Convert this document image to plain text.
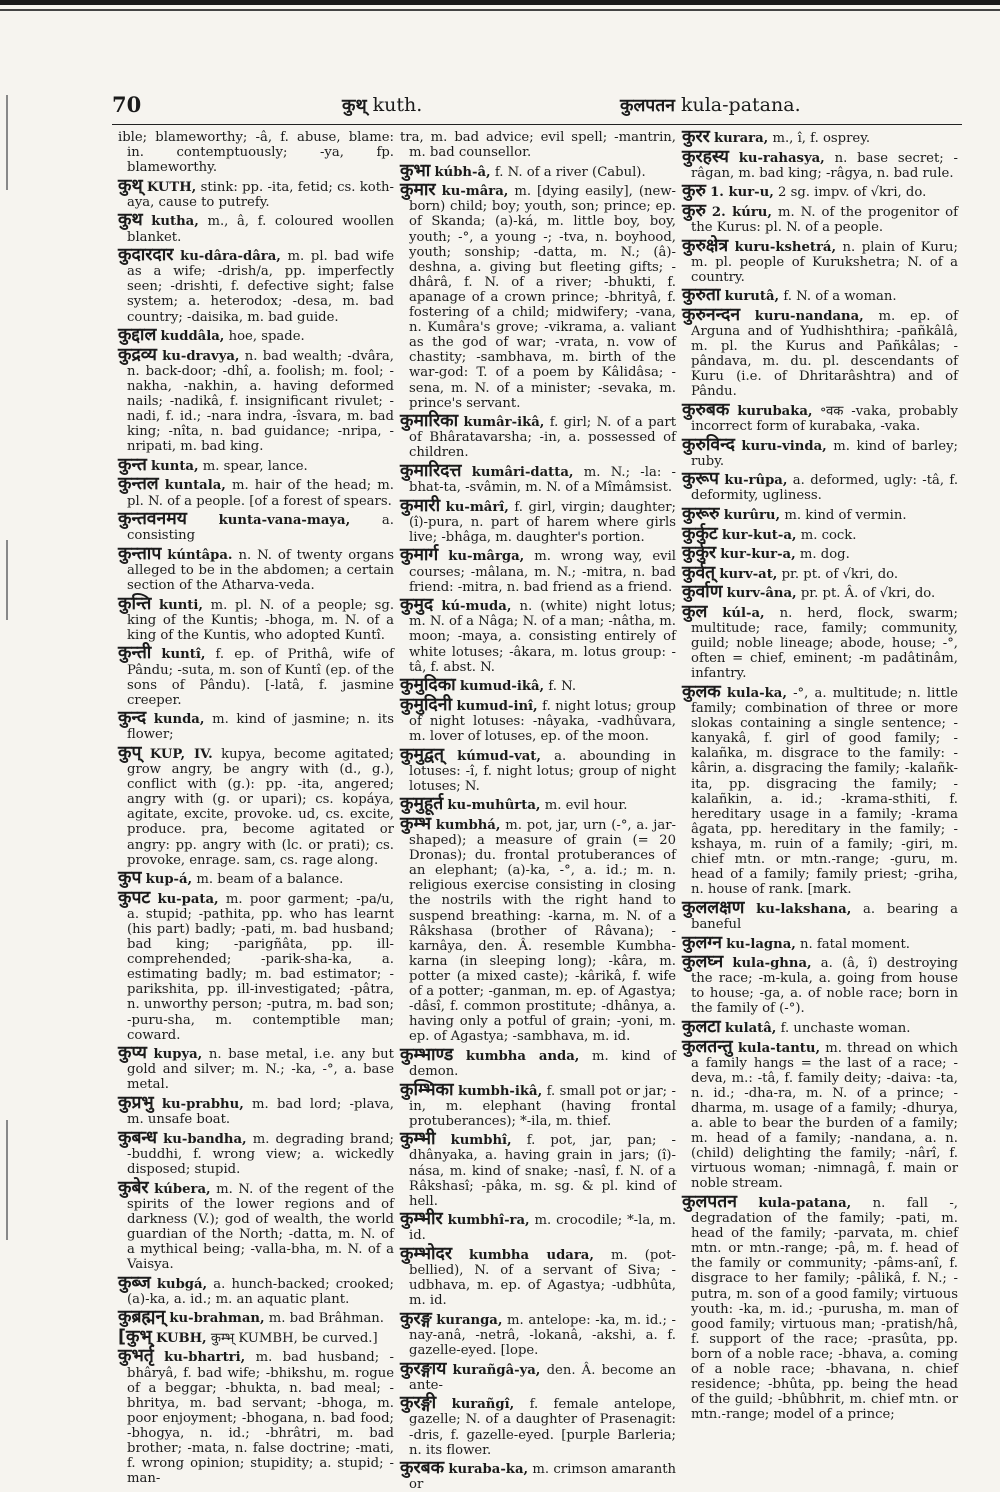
70	कुथ् kuth.	कुलपतन kula-patana.
ible; blameworthy; -â, f. abuse, blame: in. contemptuously; -ya, fp. blameworthy.
कुथ् KUTH, stink: pp. -ita, fetid; cs. koth-aya, cause to putrefy.
कुथ kutha, m., â, f. coloured woollen blanket.
कुदारदार ku-dâra-dâra, m. pl. bad wife as a wife; -drish/a, pp. imperfectly seen; -drishti, f. defective sight; false system; a. heterodox; -desa, m. bad country; -daisika, m. bad guide.
कुद्दाल kuddâla, hoe, spade.
कुद्रव्य ku-dravya, n. bad wealth; -dvâra, n. back-door; -dhî, a. foolish; m. fool; -nakha, -nakhin, a. having deformed nails; -nadikâ, f. insignificant rivulet; -nadi, f. id.; -nara indra, -îsvara, m. bad king; -nîta, n. bad guidance; -nripa, -nripati, m. bad king.
कुन्त kunta, m. spear, lance.
कुन्तल kuntala, m. hair of the head; m. pl. N. of a people. [of a forest of spears.
कुन्तवनमय kunta-vana-maya, a. consisting
कुन्ताप kúntâpa. n. N. of twenty organs alleged to be in the abdomen; a certain section of the Atharva-veda.
कुन्ति kunti, m. pl. N. of a people; sg. king of the Kuntis; -bhoga, m. N. of a king of the Kuntis, who adopted Kuntî.
कुन्ती kuntî, f. ep. of Prithâ, wife of Pându; -suta, m. son of Kuntî (ep. of the sons of Pându). [-latâ, f. jasmine creeper.
कुन्द kunda, m. kind of jasmine; n. its flower;
कुप् KUP, IV. kupya, become agitated; grow angry, be angry with (d., g.), conflict with (g.): pp. -ita, angered; angry with (g. or upari); cs. kopáya, agitate, excite, provoke. ud, cs. excite, produce. pra, become agitated or angry: pp. angry with (lc. or prati); cs. provoke, enrage. sam, cs. rage along.
कुप kup-á, m. beam of a balance.
कुपट ku-pata, m. poor garment; -pa/u, a. stupid; -pathita, pp. who has learnt (his part) badly; -pati, m. bad husband; bad king; -parigñâta, pp. ill-comprehended; -parik-sha-ka, a. estimating badly; m. bad estimator; -parikshita, pp. ill-investigated; -pâtra, n. unworthy person; -putra, m. bad son; -puru-sha, m. contemptible man; coward.
कुप्य kupya, n. base metal, i.e. any but gold and silver; m. N.; -ka, -°, a. base metal.
कुप्रभु ku-prabhu, m. bad lord; -plava, m. unsafe boat.
कुबन्ध ku-bandha, m. degrading brand; -buddhi, f. wrong view; a. wickedly disposed; stupid.
कुबेर kúbera, m. N. of the regent of the spirits of the lower regions and of darkness (V.); god of wealth, the world guardian of the North; -datta, m. N. of a mythical being; -valla-bha, m. N. of a Vaisya.
कुब्ज kubgá, a. hunch-backed; crooked; (a)-ka, a. id.; m. an aquatic plant.
कुब्रह्मन् ku-brahman, m. bad Brâhman.
[कुभ् KUBH, कुम्भ् KUMBH, be curved.]
कुभर्तृ ku-bhartri, m. bad husband; -bhâryâ, f. bad wife; -bhikshu, m. rogue of a beggar; -bhukta, n. bad meal; -bhritya, m. bad servant; -bhoga, m. poor enjoyment; -bhogana, n. bad food; -bhogya, n. id.; -bhrâtri, m. bad brother; -mata, n. false doctrine; -mati, f. wrong opinion; stupidity; a. stupid; -man-
tra, m. bad advice; evil spell; -mantrin, m. bad counsellor.
कुभा kúbh-â, f. N. of a river (Cabul).
कुमार ku-mâra, m. [dying easily], (new-born) child; boy; youth, son; prince; ep. of Skanda; (a)-ká, m. little boy, boy, youth; -°, a young -; -tva, n. boyhood, youth; sonship; -datta, m. N.; (â)-deshna, a. giving but fleeting gifts; -dhârâ, f. N. of a river; -bhukti, f. apanage of a crown prince; -bhrityâ, f. fostering of a child; midwifery; -vana, n. Kumâra's grove; -vikrama, a. valiant as the god of war; -vrata, n. vow of chastity; -sambhava, m. birth of the war-god: T. of a poem by Kâlidâsa; -sena, m. N. of a minister; -sevaka, m. prince's servant.
कुमारिका kumâr-ikâ, f. girl; N. of a part of Bhâratavarsha; -in, a. possessed of children.
कुमारिदत्त kumâri-datta, m. N.; -la: -bhat-ta, -svâmin, m. N. of a Mîmâmsist.
कुमारी ku-mârî, f. girl, virgin; daughter; (î)-pura, n. part of harem where girls live; -bhâga, m. daughter's portion.
कुमार्ग ku-mârga, m. wrong way, evil courses; -mâlana, m. N.; -mitra, n. bad friend: -mitra, n. bad friend as a friend.
कुमुद kú-muda, n. (white) night lotus; m. N. of a Nâga; N. of a man; -nâtha, m. moon; -maya, a. consisting entirely of white lotuses; -âkara, m. lotus group: -tâ, f. abst. N.
कुमुदिका kumud-ikâ, f. N.
कुमुदिनी kumud-inî, f. night lotus; group of night lotuses: -nâyaka, -vadhûvara, m. lover of lotuses, ep. of the moon.
कुमुद्वत् kúmud-vat, a. abounding in lotuses: -î, f. night lotus; group of night lotuses; N.
कुमुहूर्त ku-muhûrta, m. evil hour.
कुम्भ kumbhá, m. pot, jar, urn (-°, a. jar-shaped); a measure of grain (= 20 Dronas); du. frontal protuberances of an elephant; (a)-ka, -°, a. id.; m. n. religious exercise consisting in closing the nostrils with the right hand to suspend breathing: -karna, m. N. of a Râkshasa (brother of Râvana); -karnâya, den. Â. resemble Kumbha-karna (in sleeping long); -kâra, m. potter (a mixed caste); -kârikâ, f. wife of a potter; -ganman, m. ep. of Agastya; -dâsî, f. common prostitute; -dhânya, a. having only a potful of grain; -yoni, m. ep. of Agastya; -sambhava, m. id.
कुम्भाण्ड kumbha anda, m. kind of demon.
कुम्भिका kumbh-ikâ, f. small pot or jar; -in, m. elephant (having frontal protuberances); *-ila, m. thief.
कुम्भी kumbhî, f. pot, jar, pan; -dhânyaka, a. having grain in jars; (î)-nása, m. kind of snake; -nasî, f. N. of a Râkshasî; -pâka, m. sg. & pl. kind of hell.
कुम्भीर kumbhî-ra, m. crocodile; *-la, m. id.
कुम्भोदर kumbha udara, m. (pot-bellied), N. of a servant of Siva; -udbhava, m. ep. of Agastya; -udbhûta, m. id.
कुरङ्ग kuranga, m. antelope: -ka, m. id.; -nay-anâ, -netrâ, -lokanâ, -akshi, a. f. gazelle-eyed. [lope.
कुरङ्गाय kurañgâ-ya, den. Â. become an ante-
कुरङ्गी kurañgî, f. female antelope, gazelle; N. of a daughter of Prasenagit: -dris, f. gazelle-eyed. [purple Barleria; n. its flower.
कुरबक kuraba-ka, m. crimson amaranth or
कुरर kurara, m., î, f. osprey.
कुरहस्य ku-rahasya, n. base secret; -râgan, m. bad king; -râgya, n. bad rule.
कुरु 1. kur-u, 2 sg. impv. of √kri, do.
कुरु 2. kúru, m. N. of the progenitor of the Kurus: pl. N. of a people.
कुरुक्षेत्र kuru-kshetrá, n. plain of Kuru; m. pl. people of Kurukshetra; N. of a country.
कुरुता kurutâ, f. N. of a woman.
कुरुनन्दन kuru-nandana, m. ep. of Arguna and of Yudhishthira; -pañkâlâ, m. pl. the Kurus and Pañkâlas; -pândava, m. du. pl. descendants of Kuru (i.e. of Dhritarâshtra) and of Pându.
कुरुबक kurubaka, ॰वक -vaka, probably incorrect form of kurabaka, -vaka.
कुरुविन्द kuru-vinda, m. kind of barley; ruby.
कुरूप ku-rûpa, a. deformed, ugly: -tâ, f. deformity, ugliness.
कुरूरु kurûru, m. kind of vermin.
कुर्कुट kur-kut-a, m. cock.
कुर्कुर kur-kur-a, m. dog.
कुर्वत् kurv-at, pr. pt. of √kri, do.
कुर्वाण kurv-âna, pr. pt. Â. of √kri, do.
कुल kúl-a, n. herd, flock, swarm; multitude; race, family; community, guild; noble lineage; abode, house; -°, often = chief, eminent; -m padâtinâm, infantry.
कुलक kula-ka, -°, a. multitude; n. little family; combination of three or more slokas containing a single sentence; -kanyakâ, f. girl of good family; -kalañka, m. disgrace to the family: -kârin, a. disgracing the family; -kalañk-ita, pp. disgracing the family; -kalañkin, a. id.; -krama-sthiti, f. hereditary usage in a family; -krama âgata, pp. hereditary in the family; -kshaya, m. ruin of a family; -giri, m. chief mtn. or mtn.-range; -guru, m. head of a family; family priest; -griha, n. house of rank. [mark.
कुललक्षण ku-lakshana, a. bearing a baneful
कुलग्न ku-lagna, n. fatal moment.
कुलघ्न kula-ghna, a. (â, î) destroying the race; -m-kula, a. going from house to house; -ga, a. of noble race; born in the family of (-°).
कुलटा kulatâ, f. unchaste woman.
कुलतन्तु kula-tantu, m. thread on which a family hangs = the last of a race; -deva, m.: -tâ, f. family deity; -daiva: -ta, n. id.; -dha-ra, m. N. of a prince; -dharma, m. usage of a family; -dhurya, a. able to bear the burden of a family; m. head of a family; -nandana, a. n. (child) delighting the family; -nârî, f. virtuous woman; -nimnagâ, f. main or noble stream.
कुलपतन kula-patana, n. fall -, degradation of the family; -pati, m. head of the family; -parvata, m. chief mtn. or mtn.-range; -pâ, m. f. head of the family or community; -pâms-anî, f. disgrace to her family; -pâlikâ, f. N.; -putra, m. son of a good family; virtuous youth: -ka, m. id.; -purusha, m. man of good family; virtuous man; -pratish/hâ, f. support of the race; -prasûta, pp. born of a noble race; -bhava, a. coming of a noble race; -bhavana, n. chief residence; -bhûta, pp. being the head of the guild; -bhûbhrit, m. chief mtn. or mtn.-range; model of a prince;
